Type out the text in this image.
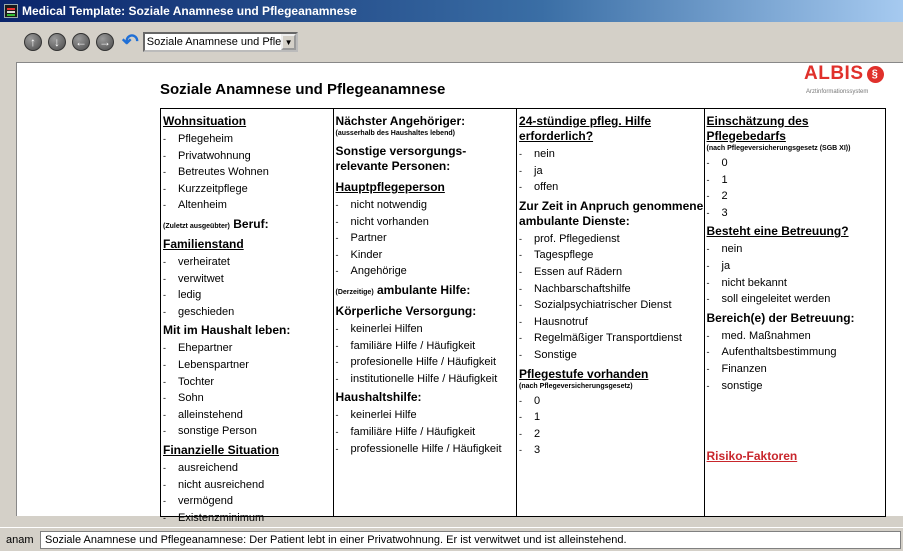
Medical Template: Soziale Anamnese und Pflegeanamnese
↑	↓	← → ↶ Soziale Anamnese und Pfle ▼
Soziale Anamnese und Pflegeanamnese
ALBIS §
Arztinformationssystem
Wohnsituation
- Pflegeheim
- Privatwohnung
- Betreutes Wohnen
- Kurzzeitpflege
- Altenheim
(Zuletzt ausgeübter) Beruf:
Familienstand
- verheiratet
- verwitwet
- ledig
- geschieden
Mit im Haushalt leben:
- Ehepartner
- Lebenspartner
- Tochter
- Sohn
- alleinstehend
- sonstige Person
Finanzielle Situation
- ausreichend
- nicht ausreichend
- vermögend
- Existenzminimum
Nächster Angehöriger:
(ausserhalb des Haushaltes lebend)
Sonstige versorgungs-relevante Personen:
Hauptpflegeperson
- nicht notwendig
- nicht vorhanden
- Partner
- Kinder
- Angehörige
(Derzeitige) ambulante Hilfe:
Körperliche Versorgung:
- keinerlei Hilfen
- familiäre Hilfe / Häufigkeit
- profesionelle Hilfe / Häufigkeit
- institutionelle Hilfe / Häufigkeit
Haushaltshilfe:
- keinerlei Hilfe
- familiäre Hilfe / Häufigkeit
- professionelle Hilfe / Häufigkeit
24-stündige pfleg. Hilfe erforderlich?
- nein
- ja
- offen
Zur Zeit in Anpruch genommene ambulante Dienste:
- prof. Pflegedienst
- Tagespflege
- Essen auf Rädern
- Nachbarschaftshilfe
- Sozialpsychiatrischer Dienst
- Hausnotruf
- Regelmäßiger Transportdienst
- Sonstige
Pflegestufe vorhanden
(nach Pflegeversicherungsgesetz)
- 0
- 1
- 2
- 3
Einschätzung des Pflegebedarfs
(nach Pflegeversicherungsgesetz (SGB XI))
- 0
- 1
- 2
- 3
Besteht eine Betreuung?
- nein
- ja
- nicht bekannt
- soll eingeleitet werden
Bereich(e) der Betreuung:
- med. Maßnahmen
- Aufenthaltsbestimmung
- Finanzen
- sonstige
Risiko-Faktoren
anam	Soziale Anamnese und Pflegeanamnese: Der Patient lebt in einer Privatwohnung. Er ist verwitwet und ist alleinstehend.
